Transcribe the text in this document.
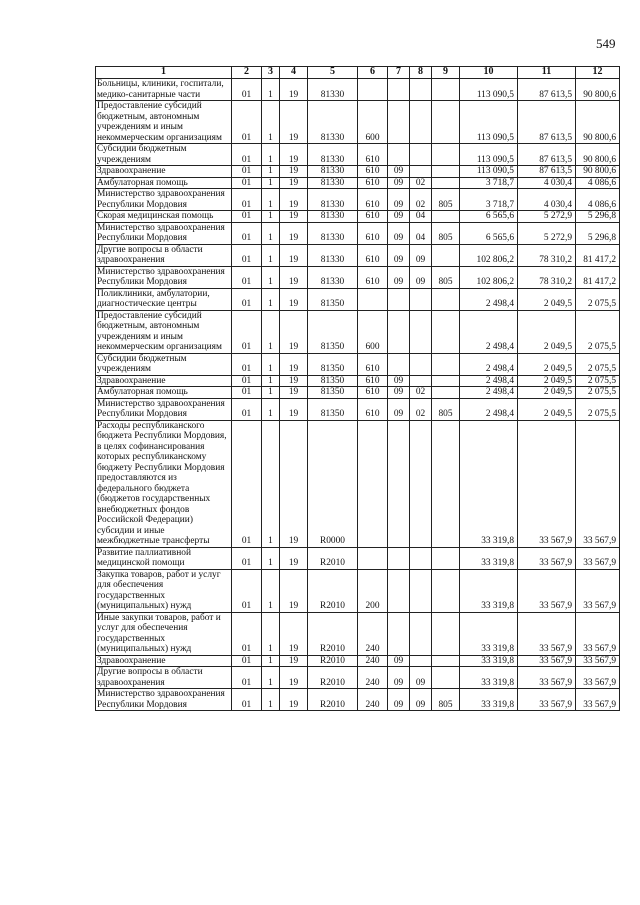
549
1	2	3	4	5	6	7	8	9	10	11	12
Больницы, клиники, госпитали, медико-санитарные части	01	1	19	81330					113 090,5	87 613,5	90 800,6
Предоставление субсидий бюджетным, автономным учреждениям и иным некоммерческим организациям	01	1	19	81330	600				113 090,5	87 613,5	90 800,6
Субсидии бюджетным учреждениям	01	1	19	81330	610				113 090,5	87 613,5	90 800,6
Здравоохранение	01	1	19	81330	610	09			113 090,5	87 613,5	90 800,6
Амбулаторная помощь	01	1	19	81330	610	09	02		3 718,7	4 030,4	4 086,6
Министерство здравоохранения Республики Мордовия	01	1	19	81330	610	09	02	805	3 718,7	4 030,4	4 086,6
Скорая медицинская помощь	01	1	19	81330	610	09	04		6 565,6	5 272,9	5 296,8
Министерство здравоохранения Республики Мордовия	01	1	19	81330	610	09	04	805	6 565,6	5 272,9	5 296,8
Другие вопросы в области здравоохранения	01	1	19	81330	610	09	09		102 806,2	78 310,2	81 417,2
Министерство здравоохранения Республики Мордовия	01	1	19	81330	610	09	09	805	102 806,2	78 310,2	81 417,2
Поликлиники, амбулатории, диагностические центры	01	1	19	81350					2 498,4	2 049,5	2 075,5
Предоставление субсидий бюджетным, автономным учреждениям и иным некоммерческим организациям	01	1	19	81350	600				2 498,4	2 049,5	2 075,5
Субсидии бюджетным учреждениям	01	1	19	81350	610				2 498,4	2 049,5	2 075,5
Здравоохранение	01	1	19	81350	610	09			2 498,4	2 049,5	2 075,5
Амбулаторная помощь	01	1	19	81350	610	09	02		2 498,4	2 049,5	2 075,5
Министерство здравоохранения Республики Мордовия	01	1	19	81350	610	09	02	805	2 498,4	2 049,5	2 075,5
Расходы республиканского бюджета Республики Мордовия, в целях софинансирования которых республиканскому бюджету Республики Мордовия предоставляются из федерального бюджета (бюджетов государственных внебюджетных фондов Российской Федерации) субсидии и иные межбюджетные трансферты	01	1	19	R0000					33 319,8	33 567,9	33 567,9
Развитие паллиативной медицинской помощи	01	1	19	R2010					33 319,8	33 567,9	33 567,9
Закупка товаров, работ и услуг для обеспечения государственных (муниципальных) нужд	01	1	19	R2010	200				33 319,8	33 567,9	33 567,9
Иные закупки товаров, работ и услуг для обеспечения государственных (муниципальных) нужд	01	1	19	R2010	240				33 319,8	33 567,9	33 567,9
Здравоохранение	01	1	19	R2010	240	09			33 319,8	33 567,9	33 567,9
Другие вопросы в области здравоохранения	01	1	19	R2010	240	09	09		33 319,8	33 567,9	33 567,9
Министерство здравоохранения Республики Мордовия	01	1	19	R2010	240	09	09	805	33 319,8	33 567,9	33 567,9
